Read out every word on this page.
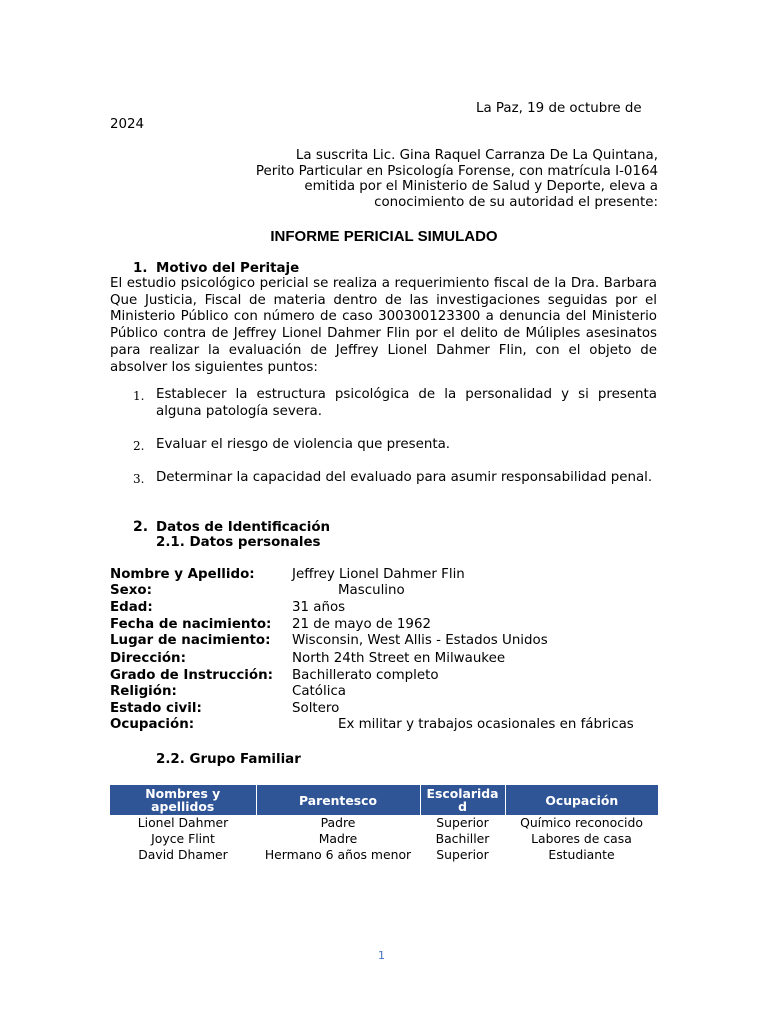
La Paz, 19 de octubre de
2024
La suscrita Lic. Gina Raquel Carranza De La Quintana,
Perito Particular en Psicología Forense, con matrícula I-0164
emitida por el Ministerio de Salud y Deporte, eleva a
conocimiento de su autoridad el presente:
INFORME PERICIAL SIMULADO
1. Motivo del Peritaje
El estudio psicológico pericial se realiza a requerimiento fiscal de la Dra. Barbara Que Justicia, Fiscal de materia dentro de las investigaciones seguidas por el Ministerio Público con número de caso 300300123300 a denuncia del Ministerio Público contra de Jeffrey Lionel Dahmer Flin por el delito de Múliples asesinatos para realizar la evaluación de Jeffrey Lionel Dahmer Flin, con el objeto de absolver los siguientes puntos:
1. Establecer la estructura psicológica de la personalidad y si presenta alguna patología severa.
2. Evaluar el riesgo de violencia que presenta.
3. Determinar la capacidad del evaluado para asumir responsabilidad penal.
2. Datos de Identificación
2.1. Datos personales
Nombre y Apellido:	Jeffrey Lionel Dahmer Flin
Sexo:	Masculino
Edad:	31 años
Fecha de nacimiento: 21 de mayo de 1962
Lugar de nacimiento: Wisconsin, West Allis - Estados Unidos
Dirección:	North 24th Street en Milwaukee
Grado de Instrucción: Bachillerato completo
Religión:	Católica
Estado civil:	Soltero
Ocupación:	Ex militar y trabajos ocasionales en fábricas
2.2. Grupo Familiar
Nombres y apellidos	Parentesco	Escolaridad	Ocupación
Lionel Dahmer	Padre	Superior	Químico reconocido
Joyce Flint	Madre	Bachiller	Labores de casa
David Dhamer	Hermano 6 años menor	Superior	Estudiante
1
